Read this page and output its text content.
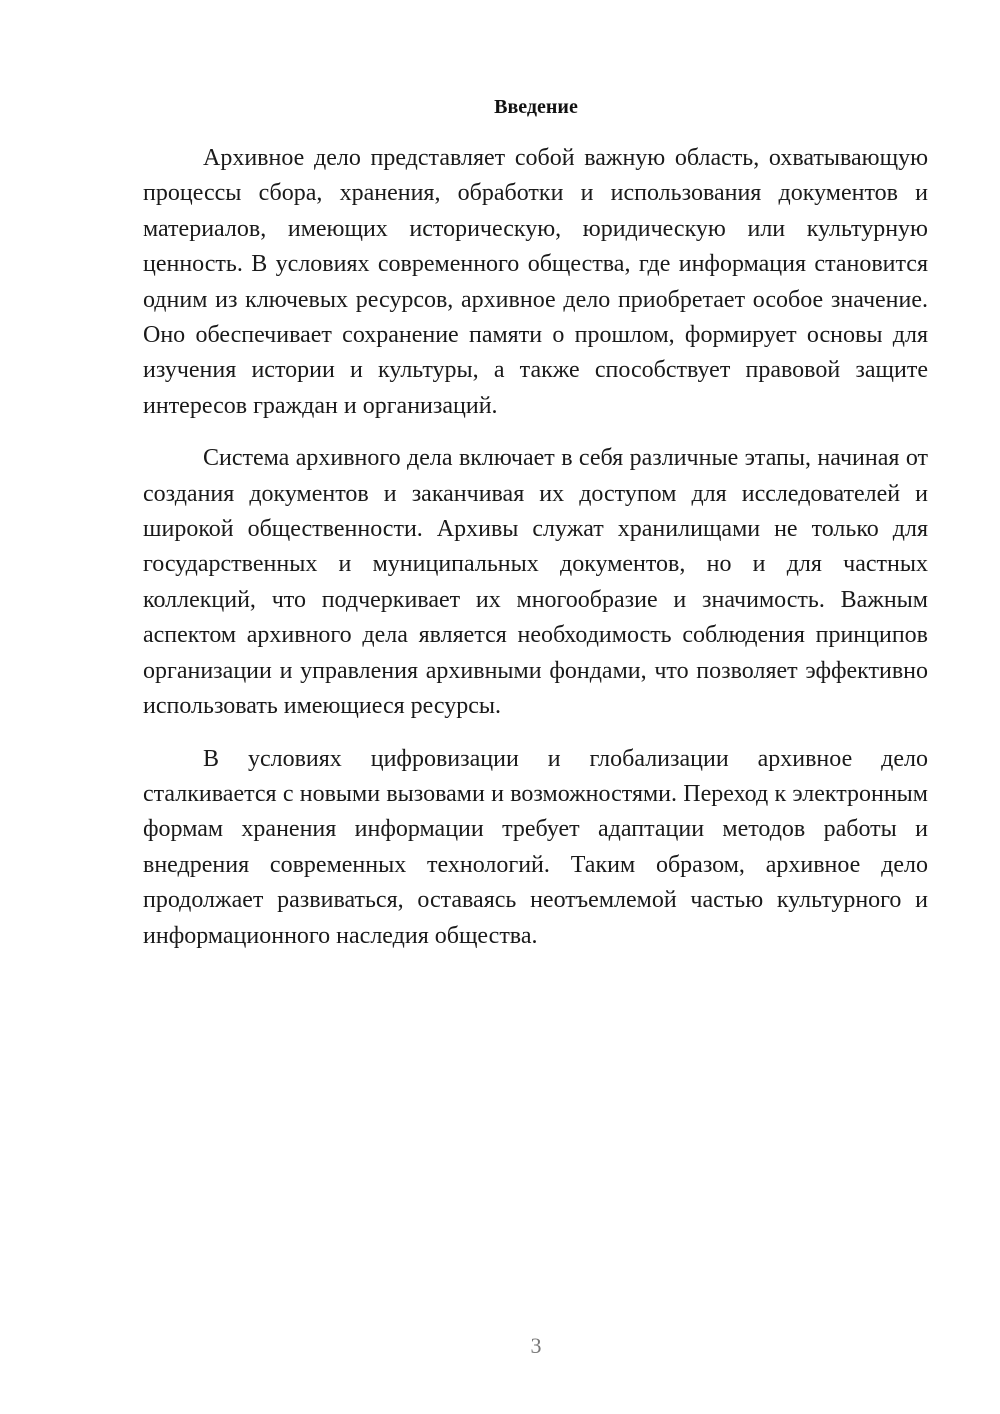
Введение

Архивное дело представляет собой важную область, охватывающую процессы сбора, хранения, обработки и использования документов и материалов, имеющих историческую, юридическую или культурную ценность. В условиях современного общества, где информация становится одним из ключевых ресурсов, архивное дело приобретает особое значение. Оно обеспечивает сохранение памяти о прошлом, формирует основы для изучения истории и культуры, а также способствует правовой защите интересов граждан и организаций.

Система архивного дела включает в себя различные этапы, начиная от создания документов и заканчивая их доступом для исследователей и широкой общественности. Архивы служат хранилищами не только для государственных и муниципальных документов, но и для частных коллекций, что подчеркивает их многообразие и значимость. Важным аспектом архивного дела является необходимость соблюдения принципов организации и управления архивными фондами, что позволяет эффективно использовать имеющиеся ресурсы.

В условиях цифровизации и глобализации архивное дело сталкивается с новыми вызовами и возможностями. Переход к электронным формам хранения информации требует адаптации методов работы и внедрения современных технологий. Таким образом, архивное дело продолжает развиваться, оставаясь неотъемлемой частью культурного и информационного наследия общества.

3
